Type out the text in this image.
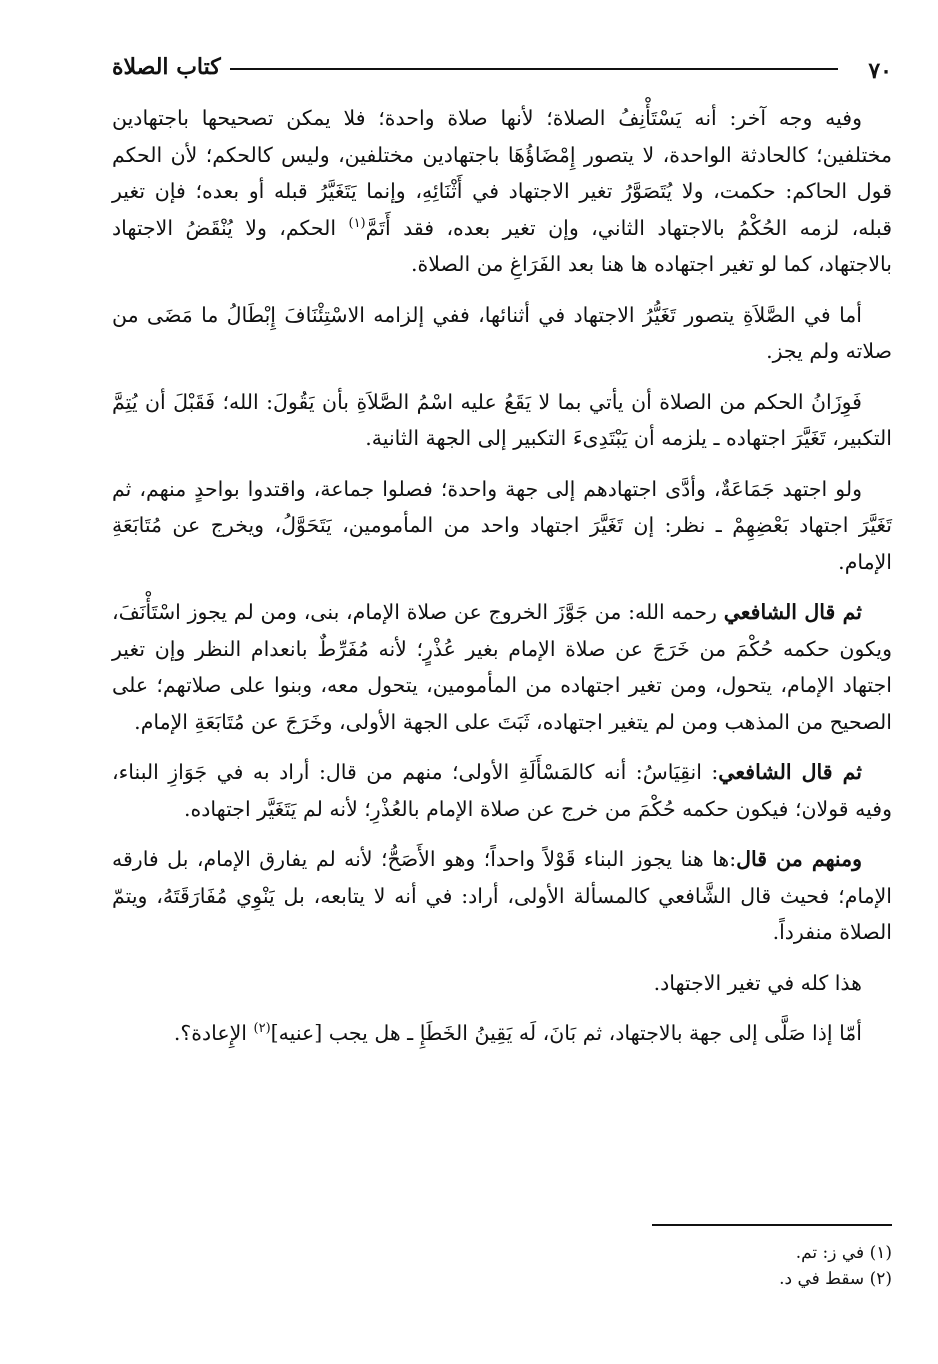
٧٠
كتاب الصلاة

وفيه وجه آخر: أنه يَسْتَأْنِفُ الصلاة؛ لأنها صلاة واحدة؛ فلا يمكن تصحيحها باجتهادين مختلفين؛ كالحادثة الواحدة، لا يتصور إِمْضَاؤُهَا باجتهادين مختلفين، وليس كالحكم؛ لأن الحكم قول الحاكم: حكمت، ولا يُتَصَوَّرُ تغير الاجتهاد في أَثْنَائِهِ، وإنما يَتَغَيَّرُ قبله أو بعده؛ فإن تغير قبله، لزمه الحُكْمُ بالاجتهاد الثاني، وإن تغير بعده، فقد أَتَمَّ$^{(١)}$ الحكم، ولا يُنْقَضُ الاجتهاد بالاجتهاد، كما لو تغير اجتهاده ها هنا بعد الفَرَاغِ من الصلاة.

أما في الصَّلاَةِ يتصور تَغَيُّرُ الاجتهاد في أثنائها، ففي إلزامه الاسْتِئْنَافَ إِبْطَالُ ما مَضَى من صلاته ولم يجز.

فَوِزَانُ الحكم من الصلاة أن يأتي بما لا يَقَعُ عليه اسْمُ الصَّلاَةِ بأن يَقُولَ: الله؛ فَقَبْلَ أن يُتِمَّ التكبير، تَغَيَّرَ اجتهاده ـ يلزمه أن يَبْتَدِىءَ التكبير إلى الجهة الثانية.

ولو اجتهد جَمَاعَةٌ، وأدَّى اجتهادهم إلى جهة واحدة؛ فصلوا جماعة، واقتدوا بواحدٍ منهم، ثم تَغَيَّرَ اجتهاد بَعْضِهِمْ ـ نظر: إن تَغَيَّرَ اجتهاد واحد من المأمومين، يَتَحَوَّلُ، ويخرج عن مُتَابَعَةِ الإمام.

ثم قال الشافعي رحمه الله: من جَوَّزَ الخروج عن صلاة الإمام، بنى، ومن لم يجوز اسْتَأْنَفَ، ويكون حكمه حُكْمَ من خَرَجَ عن صلاة الإمام بغير عُذْرٍ؛ لأنه مُفَرِّطٌ بانعدام النظر وإن تغير اجتهاد الإمام، يتحول، ومن تغير اجتهاده من المأمومين، يتحول معه، وبنوا على صلاتهم؛ على الصحيح من المذهب ومن لم يتغير اجتهاده، ثَبَتَ على الجهة الأولى، وخَرَجَ عن مُتَابَعَةِ الإمام.

ثم قال الشافعي: انقِيَاسُ: أنه كالمَسْأَلَةِ الأولى؛ منهم من قال: أراد به في جَوَازِ البناء، وفيه قولان؛ فيكون حكمه حُكْمَ من خرج عن صلاة الإمام بالعُذْرِ؛ لأنه لم يَتَغَيَّر اجتهاده.

ومنهم من قال:ها هنا يجوز البناء قَوْلاً واحداً؛ وهو الأَصَحُّ؛ لأنه لم يفارق الإمام، بل فارقه الإمام؛ فحيث قال الشَّافعي كالمسألة الأولى، أراد: في أنه لا يتابعه، بل يَنْوِي مُفَارَقَتَهُ، ويتمّ الصلاة منفرداً.

هذا كله في تغير الاجتهاد.

أمّا إذا صَلَّى إلى جهة بالاجتهاد، ثم بَانَ، لَه يَقِينُ الخَطَإِ ـ هل يجب [عنيه]$^{(٢)}$ الإِعادة؟.

(١) في ز: تم.

(٢) سقط في د.
